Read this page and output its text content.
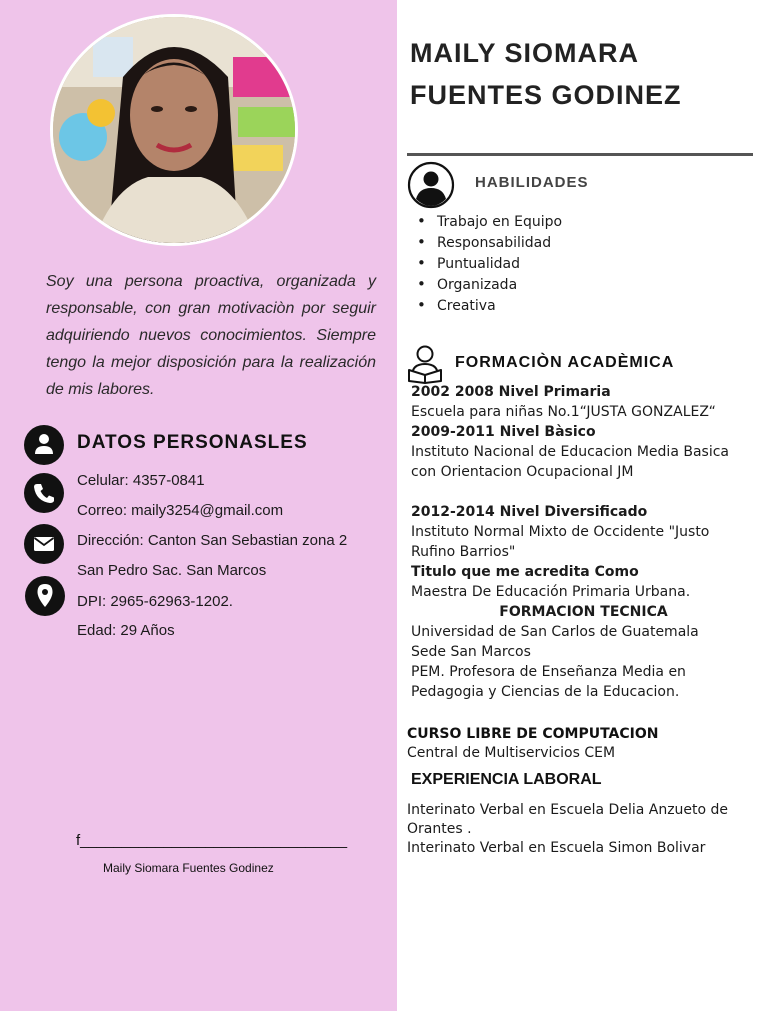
Soy una persona proactiva, organizada y responsable, con gran motivaciòn por seguir adquiriendo nuevos conocimientos. Siempre tengo la mejor disposición para la realización de mis labores.

DATOS PERSONASLES
Celular: 4357-0841
Correo: maily3254@gmail.com
Dirección: Canton San Sebastian zona 2
San Pedro Sac. San Marcos
DPI: 2965-62963-1202.
Edad: 29 Años
f________________________________
Maily Siomara Fuentes Godinez
MAILY SIOMARA
FUENTES GODINEZ
HABILIDADES
• Trabajo en Equipo
• Responsabilidad
• Puntualidad
• Organizada
• Creativa
FORMACIÒN ACADÈMICA
2002 2008 Nivel Primaria
Escuela para niñas No.1“JUSTA GONZALEZ“
2009-2011 Nivel Bàsico
Instituto Nacional de Educacion Media Basica con Orientacion Ocupacional JM
2012-2014 Nivel Diversificado
Instituto Normal Mixto de Occidente "Justo Rufino Barrios"
Titulo que me acredita Como
Maestra De Educación Primaria Urbana.
FORMACION TECNICA
Universidad de San Carlos de Guatemala
Sede San Marcos
PEM. Profesora de Enseñanza Media en Pedagogia y Ciencias de la Educacion.
CURSO LIBRE DE COMPUTACION
Central de Multiservicios CEM
EXPERIENCIA LABORAL
Interinato Verbal en Escuela Delia Anzueto de Orantes .
Interinato Verbal en Escuela Simon Bolivar
